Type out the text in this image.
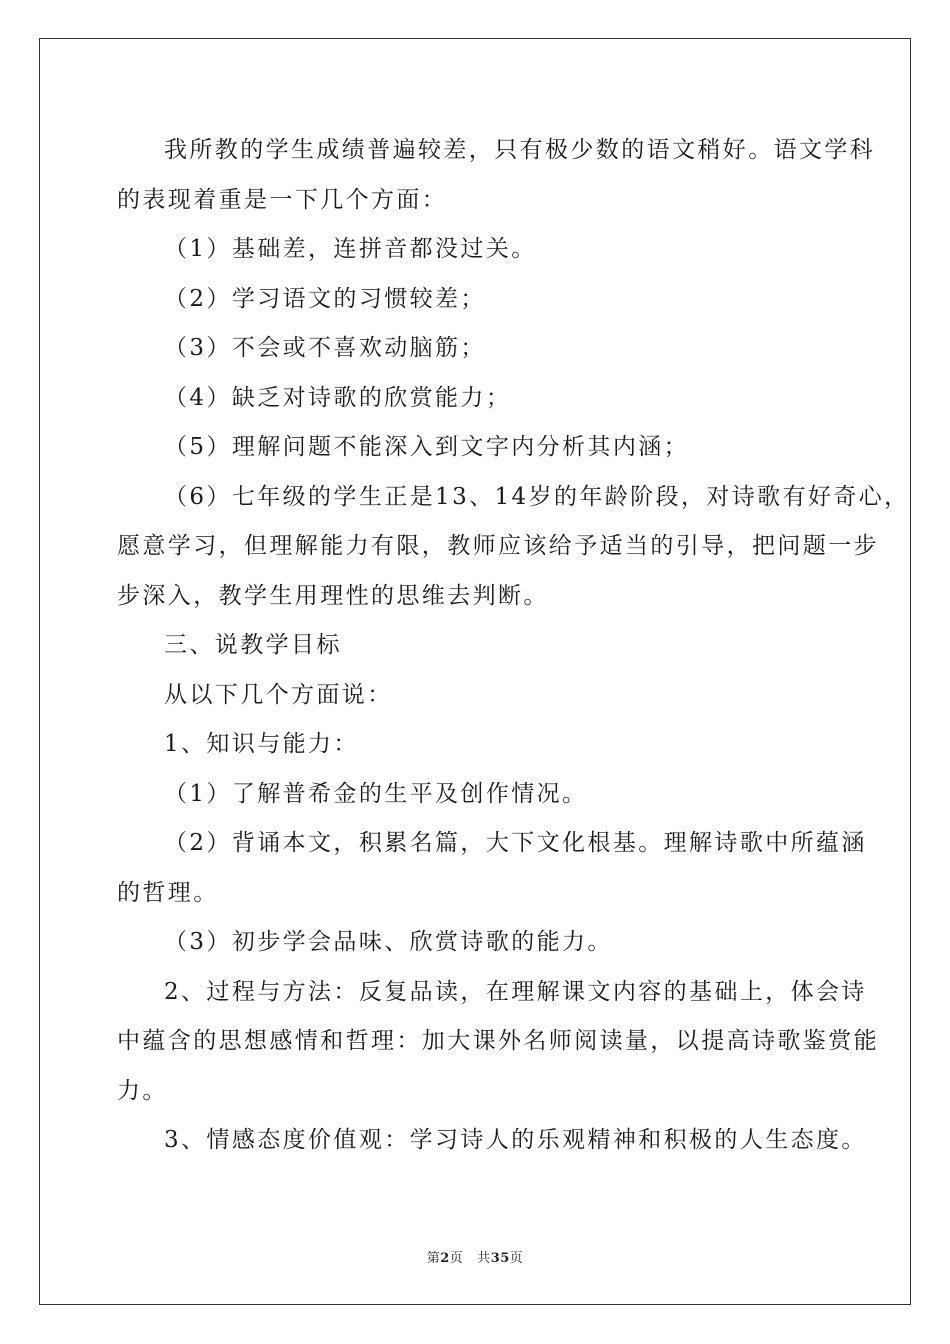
我所教的学生成绩普遍较差，只有极少数的语文稍好。语文学科

的表现着重是一下几个方面：

（1）基础差，连拼音都没过关。

（2）学习语文的习惯较差；

（3）不会或不喜欢动脑筋；

（4）缺乏对诗歌的欣赏能力；

（5）理解问题不能深入到文字内分析其内涵；

（6）七年级的学生正是13、14岁的年龄阶段，对诗歌有好奇心，

愿意学习，但理解能力有限，教师应该给予适当的引导，把问题一步

步深入，教学生用理性的思维去判断。

三、说教学目标

从以下几个方面说：

1、知识与能力：

（1）了解普希金的生平及创作情况。

（2）背诵本文，积累名篇，大下文化根基。理解诗歌中所蕴涵

的哲理。

（3）初步学会品味、欣赏诗歌的能力。

2、过程与方法：反复品读，在理解课文内容的基础上，体会诗

中蕴含的思想感情和哲理：加大课外名师阅读量，以提高诗歌鉴赏能

力。

3、情感态度价值观：学习诗人的乐观精神和积极的人生态度。

第2页 共35页
